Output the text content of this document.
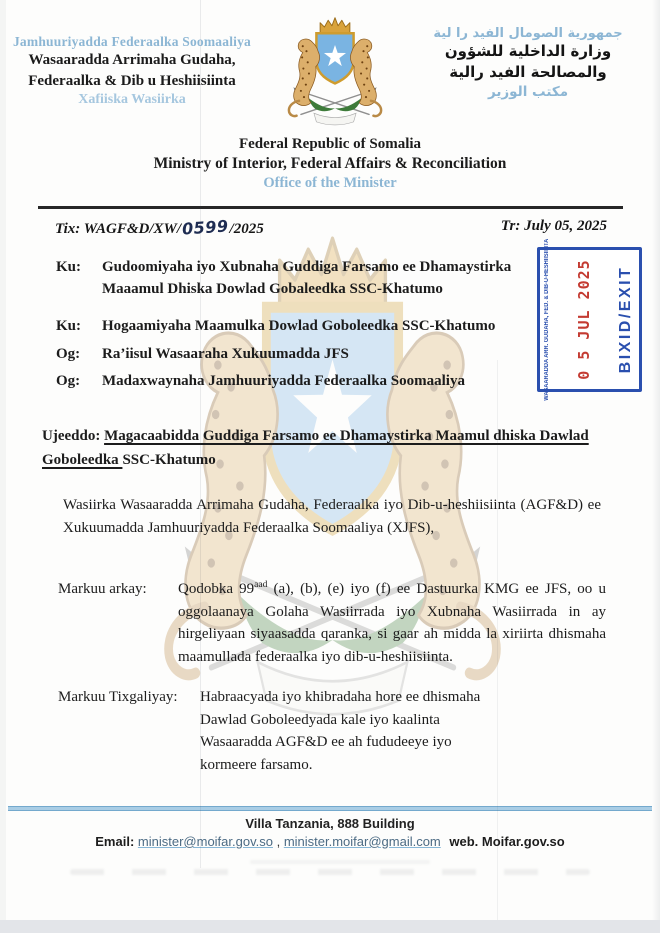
Jamhuuriyadda Federaalka Soomaaliya
Wasaaradda Arrimaha Gudaha,
Federaalka & Dib u Heshiisiinta
Xafiiska Wasiirka
جمهورية الصومال الفيد را لية
وزارة الداخلية للشؤون
والمصالحة الفيد رالية
مكتب الوزير
Federal Republic of Somalia
Ministry of Interior, Federal Affairs & Reconciliation
Office of the Minister
Tix: WAGF&D/XW/0599/2025	Tr: July 05, 2025
Ku:	Gudoomiyaha iyo Xubnaha Guddiga Farsamo ee Dhamaystirka Maaamul Dhiska Dowlad Gobaleedka SSC-Khatumo
Ku:	Hogaamiyaha Maamulka Dowlad Goboleedka SSC-Khatumo
Og:	Ra’iisul Wasaaraha Xukuumadda JFS
Og:	Madaxwaynaha Jamhuuriyadda Federaalka Soomaaliya	WASAARADDA ARR. GUDAHA, FED. & DIB-U-HESHIISIINTA 0 5 JUL 2025 BIXID/EXIT
Ujeeddo: Magacaabidda Guddiga Farsamo ee Dhamaystirka Maamul dhiska Dawlad Goboleedka SSC-Khatumo
Wasiirka Wasaaradda Arrimaha Gudaha, Federaalka iyo Dib-u-heshiisiinta (AGF&D) ee Xukuumadda Jamhuuriyadda Federaalka Soomaaliya (XJFS),
Markuu arkay:	Qodobka $99^{aad}$ (a), (b), (e) iyo (f) ee Dastuurka KMG ee JFS, oo u oggolaanaya Golaha Wasiirrada iyo Xubnaha Wasiirrada in ay hirgeliyaan siyaasadda qaranka, si gaar ah midda la xiriirta dhismaha maamullada federaalka iyo dib-u-heshiisiinta.
Markuu Tixgaliyay:	Habraacyada iyo khibradaha hore ee dhismaha Dawlad Goboleedyada kale iyo kaalinta Wasaaradda AGF&D ee ah fududeeye iyo kormeere farsamo.
Villa Tanzania, 888 Building
Email: minister@moifar.gov.so , minister.moifar@gmail.com web. Moifar.gov.so
